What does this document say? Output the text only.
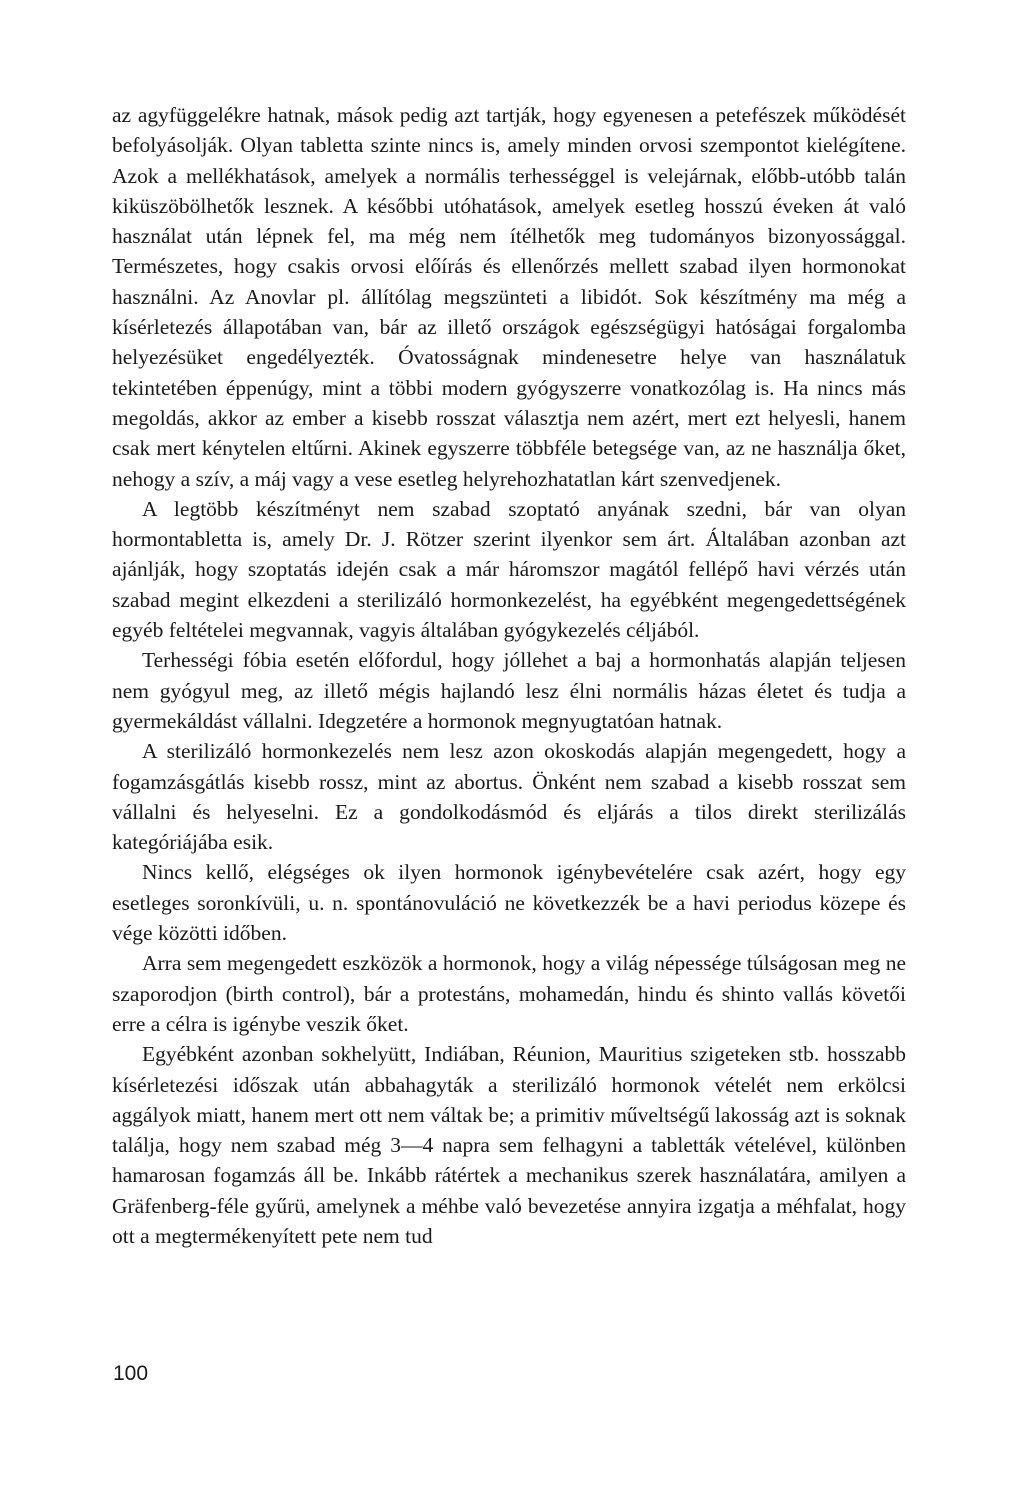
az agyfüggelékre hatnak, mások pedig azt tartják, hogy egyenesen a petefészek működését befolyásolják. Olyan tabletta szinte nincs is, amely minden orvosi szempontot kielégítene. Azok a mellékhatások, amelyek a normális terhességgel is velejárnak, előbb-utóbb talán kiküszöbölhetők lesznek. A későbbi utóhatások, amelyek esetleg hosszú éveken át való használat után lépnek fel, ma még nem ítélhetők meg tudományos bizonyossággal. Természetes, hogy csakis orvosi előírás és ellenőrzés mellett szabad ilyen hormonokat használni. Az Anovlar pl. állítólag megszünteti a libidót. Sok készítmény ma még a kísérletezés állapotában van, bár az illető országok egészségügyi hatóságai forgalomba helyezésüket engedélyezték. Óvatosságnak mindenesetre helye van használatuk tekintetében éppenúgy, mint a többi modern gyógyszerre vonatkozólag is. Ha nincs más megoldás, akkor az ember a kisebb rosszat választja nem azért, mert ezt helyesli, hanem csak mert kénytelen eltűrni. Akinek egyszerre többféle betegsége van, az ne használja őket, nehogy a szív, a máj vagy a vese esetleg helyrehozhatatlan kárt szenvedjenek.

A legtöbb készítményt nem szabad szoptató anyának szedni, bár van olyan hormontabletta is, amely Dr. J. Rötzer szerint ilyenkor sem árt. Általában azonban azt ajánlják, hogy szoptatás idején csak a már háromszor magától fellépő havi vérzés után szabad megint elkezdeni a sterilizáló hormonkezelést, ha egyébként megengedettségének egyéb feltételei megvannak, vagyis általában gyógykezelés céljából.

Terhességi fóbia esetén előfordul, hogy jóllehet a baj a hormonhatás alapján teljesen nem gyógyul meg, az illető mégis hajlandó lesz élni normális házas életet és tudja a gyermekáldást vállalni. Idegzetére a hormonok megnyugtatóan hatnak.

A sterilizáló hormonkezelés nem lesz azon okoskodás alapján megengedett, hogy a fogamzásgátlás kisebb rossz, mint az abortus. Önként nem szabad a kisebb rosszat sem vállalni és helyeselni. Ez a gondolkodásmód és eljárás a tilos direkt sterilizálás kategóriájába esik.

Nincs kellő, elégséges ok ilyen hormonok igénybevételére csak azért, hogy egy esetleges soronkívüli, u. n. spontánovuláció ne következzék be a havi periodus közepe és vége közötti időben.

Arra sem megengedett eszközök a hormonok, hogy a világ népessége túlságosan meg ne szaporodjon (birth control), bár a protestáns, mohamedán, hindu és shinto vallás követői erre a célra is igénybe veszik őket.

Egyébként azonban sokhelyütt, Indiában, Réunion, Mauritius szigeteken stb. hosszabb kísérletezési időszak után abbahagyták a sterilizáló hormonok vételét nem erkölcsi aggályok miatt, hanem mert ott nem váltak be; a primitiv műveltségű lakosság azt is soknak találja, hogy nem szabad még 3—4 napra sem felhagyni a tabletták vételével, különben hamarosan fogamzás áll be. Inkább rátértek a mechanikus szerek használatára, amilyen a Gräfenberg-féle gyűrü, amelynek a méhbe való bevezetése annyira izgatja a méhfalat, hogy ott a megtermékenyített pete nem tud

100
